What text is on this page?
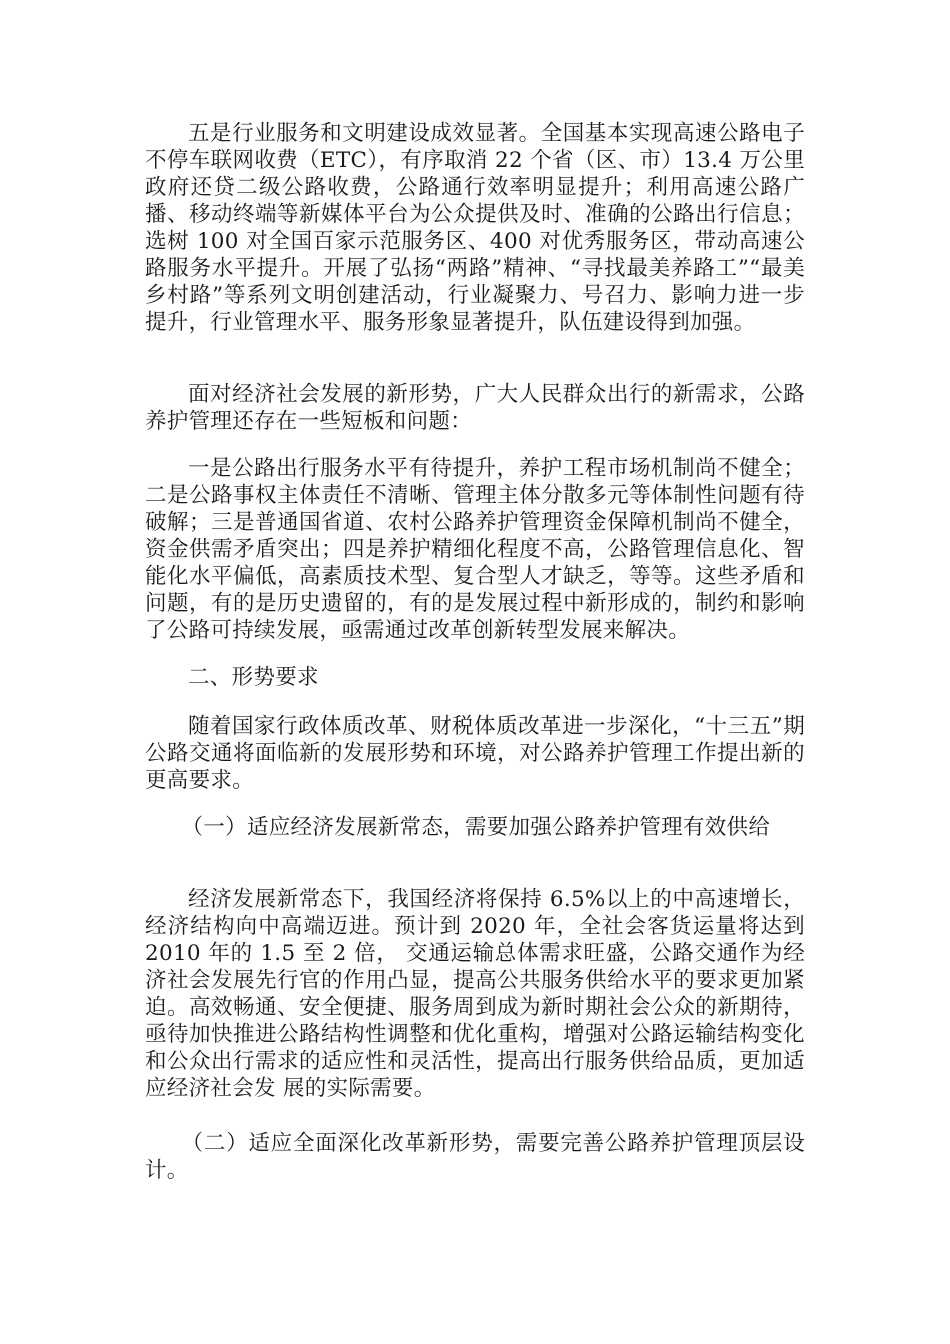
五是行业服务和文明建设成效显著。全国基本实现高速公路电子不停车联网收费（ETC），有序取消 22 个省（区、市）13.4 万公里政府还贷二级公路收费，公路通行效率明显提升；利用高速公路广播、移动终端等新媒体平台为公众提供及时、准确的公路出行信息；选树 100 对全国百家示范服务区、400 对优秀服务区，带动高速公路服务水平提升。开展了弘扬“两路”精神、“寻找最美养路工”“最美乡村路”等系列文明创建活动，行业凝聚力、号召力、影响力进一步提升，行业管理水平、服务形象显著提升，队伍建设得到加强。

面对经济社会发展的新形势，广大人民群众出行的新需求，公路养护管理还存在一些短板和问题：

一是公路出行服务水平有待提升，养护工程市场机制尚不健全；二是公路事权主体责任不清晰、管理主体分散多元等体制性问题有待破解；三是普通国省道、农村公路养护管理资金保障机制尚不健全，资金供需矛盾突出；四是养护精细化程度不高，公路管理信息化、智能化水平偏低，高素质技术型、复合型人才缺乏，等等。这些矛盾和问题，有的是历史遗留的，有的是发展过程中新形成的，制约和影响了公路可持续发展，亟需通过改革创新转型发展来解决。

二、形势要求

随着国家行政体质改革、财税体质改革进一步深化，“十三五”期公路交通将面临新的发展形势和环境，对公路养护管理工作提出新的更高要求。

（一）适应经济发展新常态，需要加强公路养护管理有效供给

经济发展新常态下，我国经济将保持 6.5%以上的中高速增长，经济结构向中高端迈进。预计到 2020 年，全社会客货运量将达到 2010 年的 1.5 至 2 倍， 交通运输总体需求旺盛，公路交通作为经济社会发展先行官的作用凸显，提高公共服务供给水平的要求更加紧迫。高效畅通、安全便捷、服务周到成为新时期社会公众的新期待，亟待加快推进公路结构性调整和优化重构，增强对公路运输结构变化和公众出行需求的适应性和灵活性，提高出行服务供给品质，更加适应经济社会发 展的实际需要。

（二）适应全面深化改革新形势，需要完善公路养护管理顶层设计。
